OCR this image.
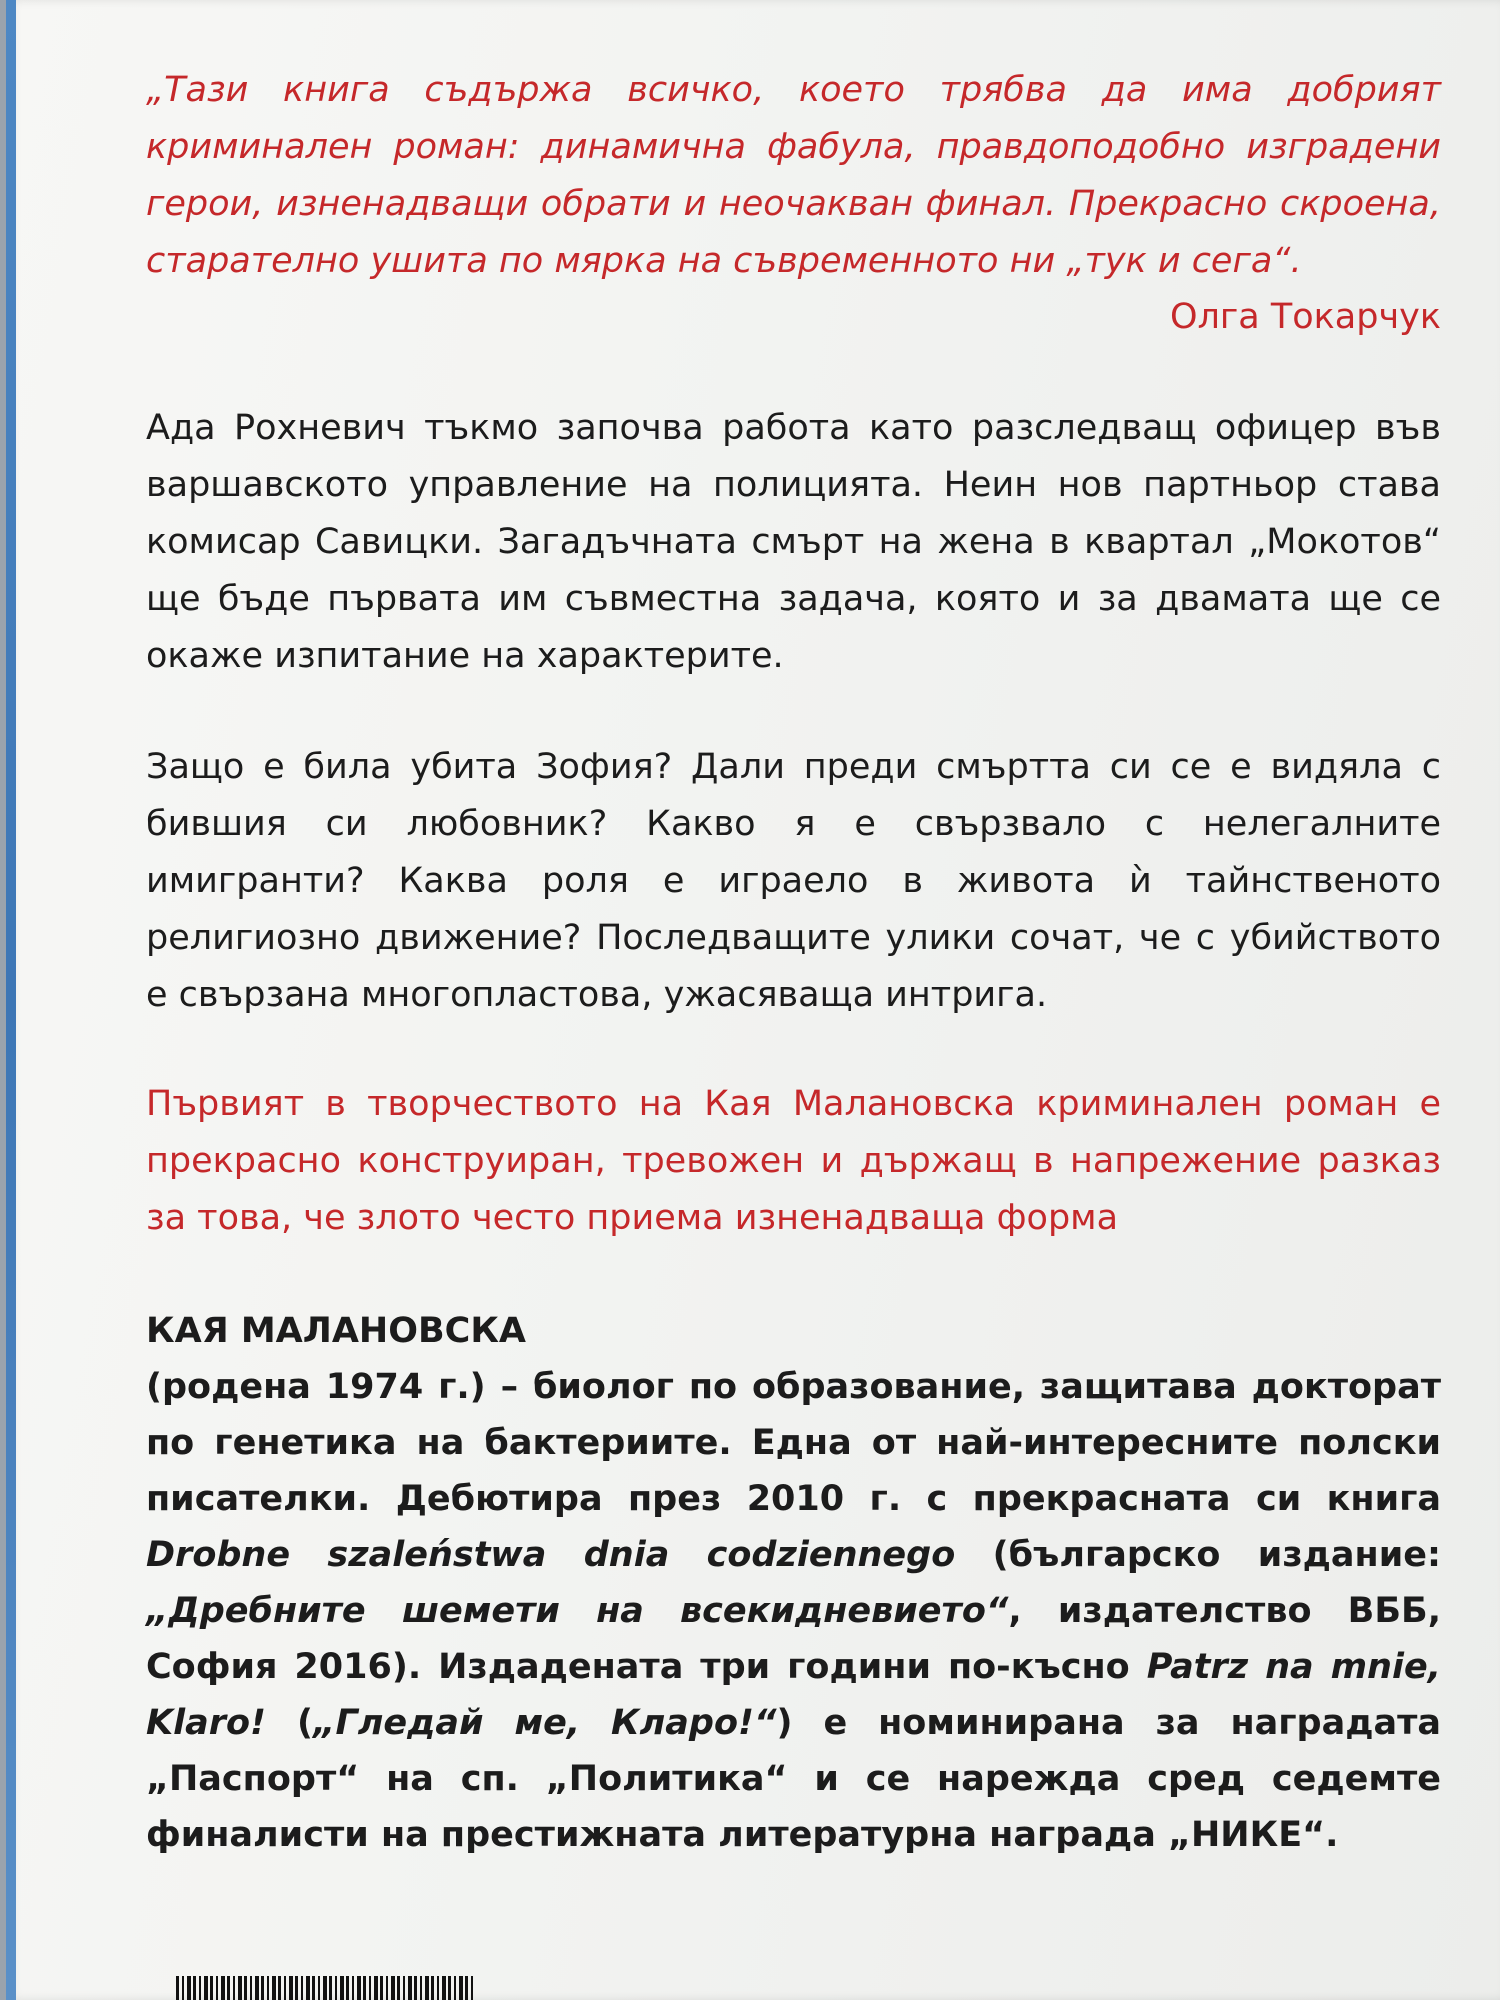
„Тази книга съдържа всичко, което трябва да има добрият криминален роман: динамична фабула, правдоподобно изградени герои, изненадващи обрати и неочакван финал. Прекрасно скроена, старателно ушита по мярка на съвременното ни „тук и сега“.

Олга Токарчук

Ада Рохневич тъкмо започва работа като разследващ офицер във варшавското управление на полицията. Неин нов партньор става комисар Савицки. Загадъчната смърт на жена в квартал „Мокотов“ ще бъде първата им съвместна задача, която и за двамата ще се окаже изпитание на характерите.

Защо е била убита Зофия? Дали преди смъртта си се е видяла с бившия си любовник? Какво я е свързвало с нелегалните имигранти? Каква роля е играело в живота ѝ тайнственото религиозно движение? Последващите улики сочат, че с убийството е свързана многопластова, ужасяваща интрига.

Първият в творчеството на Кая Малановска криминален роман е прекрасно конструиран, тревожен и държащ в напрежение разказ за това, че злото често приема изненадваща форма

КАЯ МАЛАНОВСКА

(родена 1974 г.) – биолог по образование, защитава докторат по генетика на бактериите. Една от най-интересните полски писателки. Дебютира през 2010 г. с прекрасната си книга Drobne szaleństwa dnia codziennego (българско издание: „Дребните шемети на всекидневието“, издателство ВББ, София 2016). Издадената три години по-късно Patrz na mnie, Klaro! („Гледай ме, Кларо!“) е номинирана за наградата „Паспорт“ на сп. „Политика“ и се нарежда сред седемте финалисти на престижната литературна награда „НИКЕ“.
